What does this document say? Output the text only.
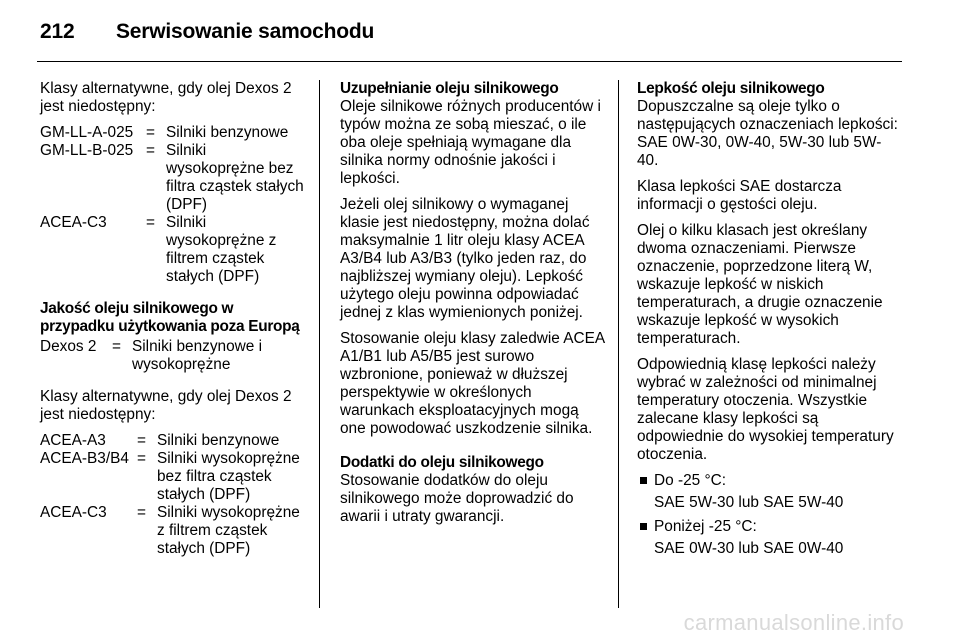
212 Serwisowanie samochodu

Klasy alternatywne, gdy olej Dexos 2 jest niedostępny:

GM-LL-A-025 = Silniki benzynowe
GM-LL-B-025 = Silniki wysokoprężne bez filtra cząstek stałych (DPF)
ACEA-C3	= Silniki wysokoprężne z filtrem cząstek stałych (DPF)

Jakość oleju silnikowego w przypadku użytkowania poza Europą

Dexos 2	= Silniki benzynowe i wysokoprężne

Klasy alternatywne, gdy olej Dexos 2 jest niedostępny:

ACEA-A3	= Silniki benzynowe
ACEA-B3/B4 = Silniki wysokoprężne bez filtra cząstek stałych (DPF)
ACEA-C3	= Silniki wysokoprężne z filtrem cząstek stałych (DPF)

Uzupełnianie oleju silnikowego

Oleje silnikowe różnych producentów i typów można ze sobą mieszać, o ile oba oleje spełniają wymagane dla silnika normy odnośnie jakości i lepkości.

Jeżeli olej silnikowy o wymaganej klasie jest niedostępny, można dolać maksymalnie 1 litr oleju klasy ACEA A3/B4 lub A3/B3 (tylko jeden raz, do najbliższej wymiany oleju). Lepkość użytego oleju powinna odpowiadać jednej z klas wymienionych poniżej.

Stosowanie oleju klasy zaledwie ACEA A1/B1 lub A5/B5 jest surowo wzbronione, ponieważ w dłuższej perspektywie w określonych warunkach eksploatacyjnych mogą one powodować uszkodzenie silnika.

Dodatki do oleju silnikowego

Stosowanie dodatków do oleju silnikowego może doprowadzić do awarii i utraty gwarancji.

Lepkość oleju silnikowego

Dopuszczalne są oleje tylko o następujących oznaczeniach lepkości: SAE 0W-30, 0W-40, 5W-30 lub 5W-40.

Klasa lepkości SAE dostarcza informacji o gęstości oleju.

Olej o kilku klasach jest określany dwoma oznaczeniami. Pierwsze oznaczenie, poprzedzone literą W, wskazuje lepkość w niskich temperaturach, a drugie oznaczenie wskazuje lepkość w wysokich temperaturach.

Odpowiednią klasę lepkości należy wybrać w zależności od minimalnej temperatury otoczenia. Wszystkie zalecane klasy lepkości są odpowiednie do wysokiej temperatury otoczenia.

Do -25 °C:
SAE 5W-30 lub SAE 5W-40
Poniżej -25 °C:
SAE 0W-30 lub SAE 0W-40
carmanualsonline.info
